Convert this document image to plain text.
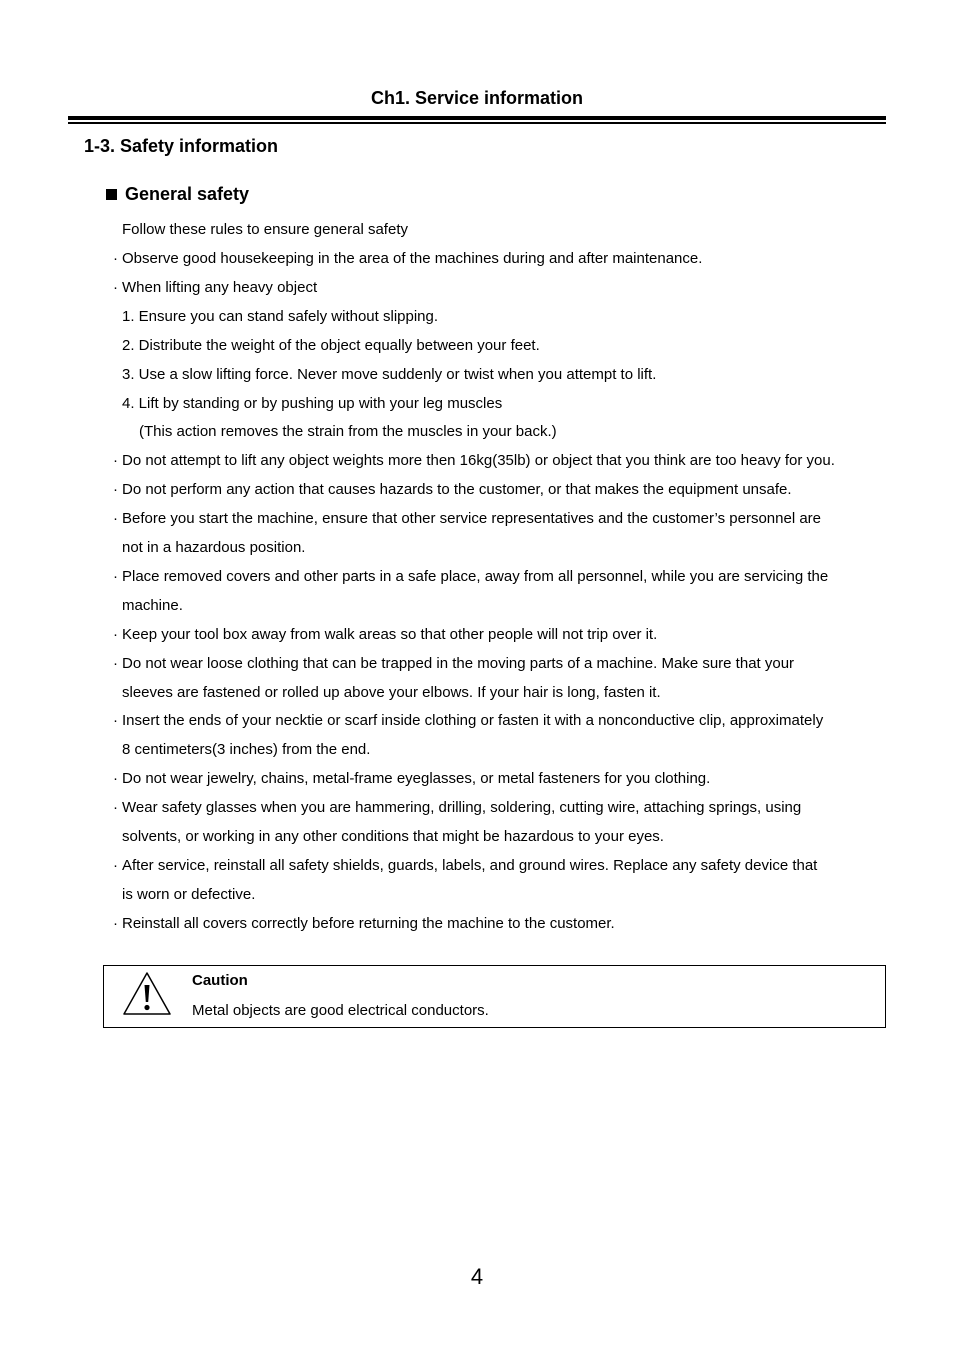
Ch1. Service information
1-3. Safety information
General safety
Follow these rules to ensure general safety
· Observe good housekeeping in the area of the machines during and after maintenance.
· When lifting any heavy object
1. Ensure you can stand safely without slipping.
2. Distribute the weight of the object equally between your feet.
3. Use a slow lifting force. Never move suddenly or twist when you attempt to lift.
4. Lift by standing or by pushing up with your leg muscles
(This action removes the strain from the muscles in your back.)
· Do not attempt to lift any object weights more then 16kg(35lb) or object that you think are too heavy for you.
· Do not perform any action that causes hazards to the customer, or that makes the equipment unsafe.
· Before you start the machine, ensure that other service representatives and the customer’s personnel are
not in a hazardous position.
· Place removed covers and other parts in a safe place, away from all personnel, while you are servicing the
machine.
· Keep your tool box away from walk areas so that other people will not trip over it.
· Do not wear loose clothing that can be trapped in the moving parts of a machine. Make sure that your
sleeves are fastened or rolled up above your elbows. If your hair is long, fasten it.
· Insert the ends of your necktie or scarf inside clothing or fasten it with a nonconductive clip, approximately
8 centimeters(3 inches) from the end.
· Do not wear jewelry, chains, metal-frame eyeglasses, or metal fasteners for you clothing.
· Wear safety glasses when you are hammering, drilling, soldering, cutting wire, attaching springs, using
solvents, or working in any other conditions that might be hazardous to your eyes.
· After service, reinstall all safety shields, guards, labels, and ground wires. Replace any safety device that
is worn or defective.
· Reinstall all covers correctly before returning the machine to the customer.
Caution
Metal objects are good electrical conductors.
4
